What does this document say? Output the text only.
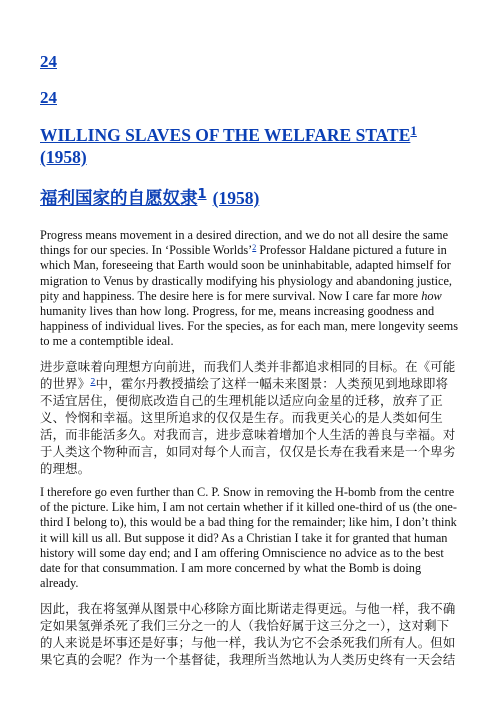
24
24
WILLING SLAVES OF THE WELFARE STATE$^1$ (1958)
福利国家的自愿奴隶$^1$ (1958)

Progress means movement in a desired direction, and we do not all desire the same things for our species. In ‘Possible Worlds’$^2$ Professor Haldane pictured a future in which Man, foreseeing that Earth would soon be uninhabitable, adapted himself for migration to Venus by drastically modifying his physiology and abandoning justice, pity and happiness. The desire here is for mere survival. Now I care far more how humanity lives than how long. Progress, for me, means increasing goodness and happiness of individual lives. For the species, as for each man, mere longevity seems to me a contemptible ideal.

进步意味着向理想方向前进，而我们人类并非都追求相同的目标。在《可能的世界》$^2$中，霍尔丹教授描绘了这样一幅未来图景：人类预见到地球即将不适宜居住，便彻底改造自己的生理机能以适应向金星的迁移，放弃了正义、怜悯和幸福。这里所追求的仅仅是生存。而我更关心的是人类如何生活，而非能活多久。对我而言，进步意味着增加个人生活的善良与幸福。对于人类这个物种而言，如同对每个人而言，仅仅是长寿在我看来是一个卑劣的理想。

I therefore go even further than C. P. Snow in removing the H-bomb from the centre of the picture. Like him, I am not certain whether if it killed one-third of us (the one-third I belong to), this would be a bad thing for the remainder; like him, I don’t think it will kill us all. But suppose it did? As a Christian I take it for granted that human history will some day end; and I am offering Omniscience no advice as to the best date for that consummation. I am more concerned by what the Bomb is doing already.

因此，我在将氢弹从图景中心移除方面比斯诺走得更远。与他一样，我不确定如果氢弹杀死了我们三分之一的人（我恰好属于这三分之一），这对剩下的人来说是坏事还是好事；与他一样，我认为它不会杀死我们所有人。但如果它真的会呢？作为一个基督徒，我理所当然地认为人类历史终有一天会结
